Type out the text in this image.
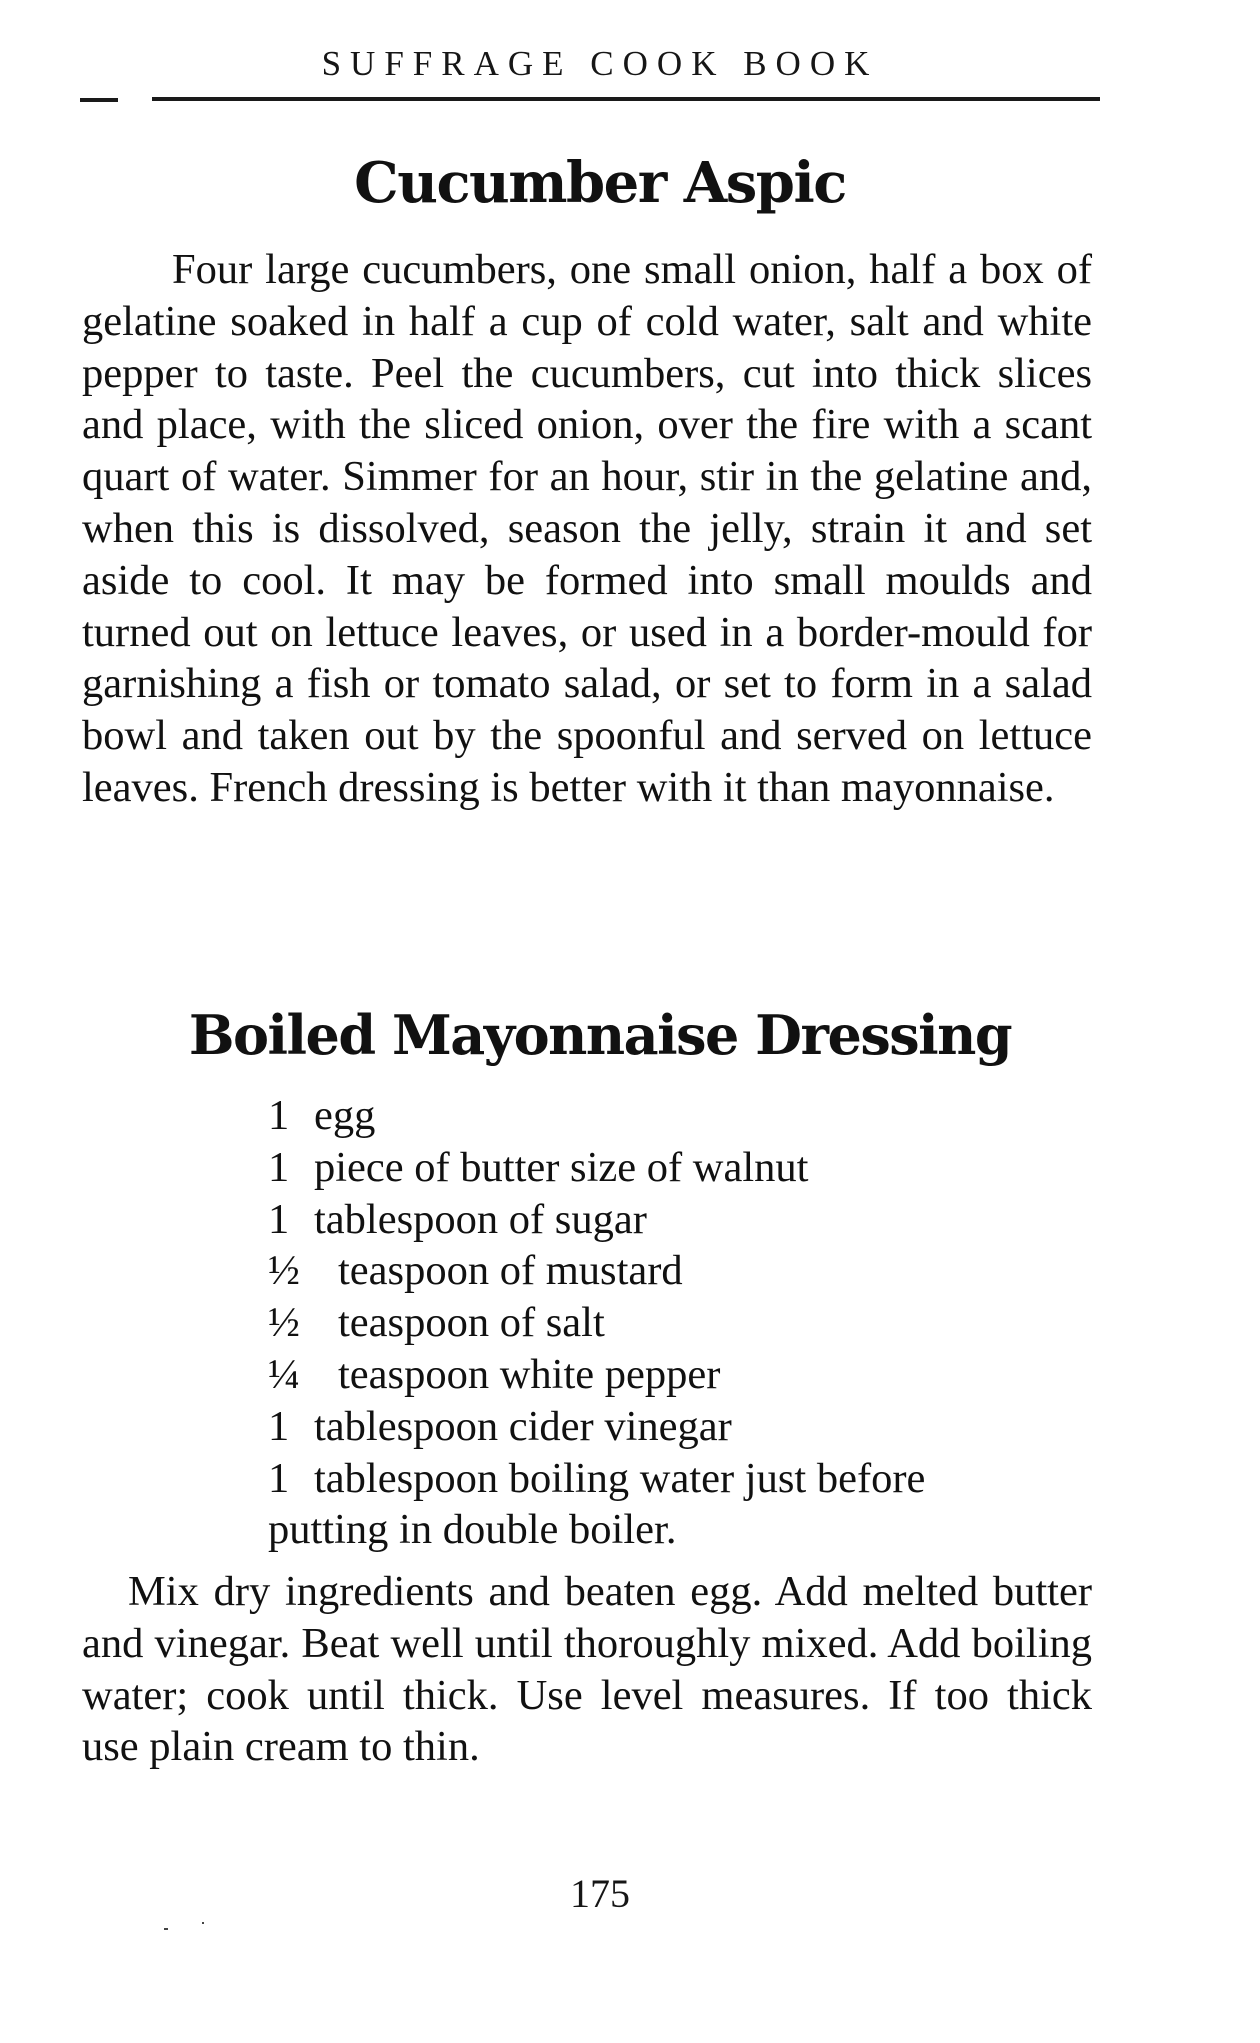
SUFFRAGE COOK BOOK
Cucumber Aspic

Four large cucumbers, one small onion, half a box of gelatine soaked in half a cup of cold water, salt and white pepper to taste. Peel the cucumbers, cut into thick slices and place, with the sliced onion, over the fire with a scant quart of water. Simmer for an hour, stir in the gelatine and, when this is dissolved, season the jelly, strain it and set aside to cool. It may be formed into small moulds and turned out on lettuce leaves, or used in a border-mould for garnishing a fish or tomato salad, or set to form in a salad bowl and taken out by the spoonful and served on lettuce leaves. French dressing is better with it than mayonnaise.

Boiled Mayonnaise Dressing
1 egg
1 piece of butter size of walnut
1 tablespoon of sugar
½ teaspoon of mustard
½ teaspoon of salt
¼ teaspoon white pepper
1 tablespoon cider vinegar
1 tablespoon boiling water just before
putting in double boiler.

Mix dry ingredients and beaten egg. Add melted butter and vinegar. Beat well until thoroughly mixed. Add boiling water; cook until thick. Use level measures. If too thick use plain cream to thin.

175
